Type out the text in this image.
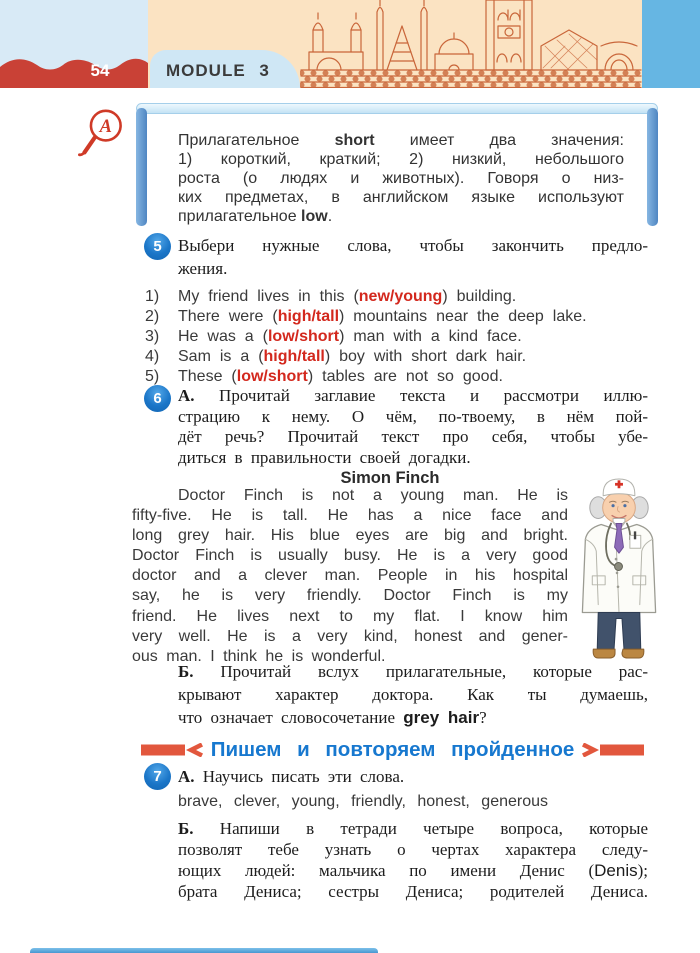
MODULE 3
54
A
Прилагательное short имеет два значения:
1) короткий, краткий; 2) низкий, небольшого
роста (о людях и животных). Говоря о низ-
ких предметах, в английском языке используют
прилагательное low.
5 Выбери нужные слова, чтобы закончить предло-
жения.
1)	My friend lives in this (new/young) building.
2)	There were (high/tall) mountains near the deep lake.
3)	He was a (low/short) man with a kind face.
4)	Sam is a (high/tall) boy with short dark hair.
5)	These (low/short) tables are not so good.
6 А. Прочитай заглавие текста и рассмотри иллю-
страцию к нему. О чём, по-твоему, в нём пой-
дёт речь? Прочитай текст про себя, чтобы убе-
диться в правильности своей догадки.
Simon Finch
Doctor Finch is not a young man. He is
fifty-five. He is tall. He has a nice face and
long grey hair. His blue eyes are big and bright.
Doctor Finch is usually busy. He is a very good
doctor and a clever man. People in his hospital
say, he is very friendly. Doctor Finch is my
friend. He lives next to my flat. I know him
very well. He is a very kind, honest and gener-
ous man. I think he is wonderful.
Б. Прочитай вслух прилагательные, которые рас-
крывают характер доктора. Как ты думаешь,
что означает словосочетание grey hair?
Пишем и повторяем пройденное
7 А. Научись писать эти слова.
brave, clever, young, friendly, honest, generous
Б. Напиши в тетради четыре вопроса, которые
позволят тебе узнать о чертах характера следу-
ющих людей: мальчика по имени Денис (Denis);
брата Дениса; сестры Дениса; родителей Дениса.
